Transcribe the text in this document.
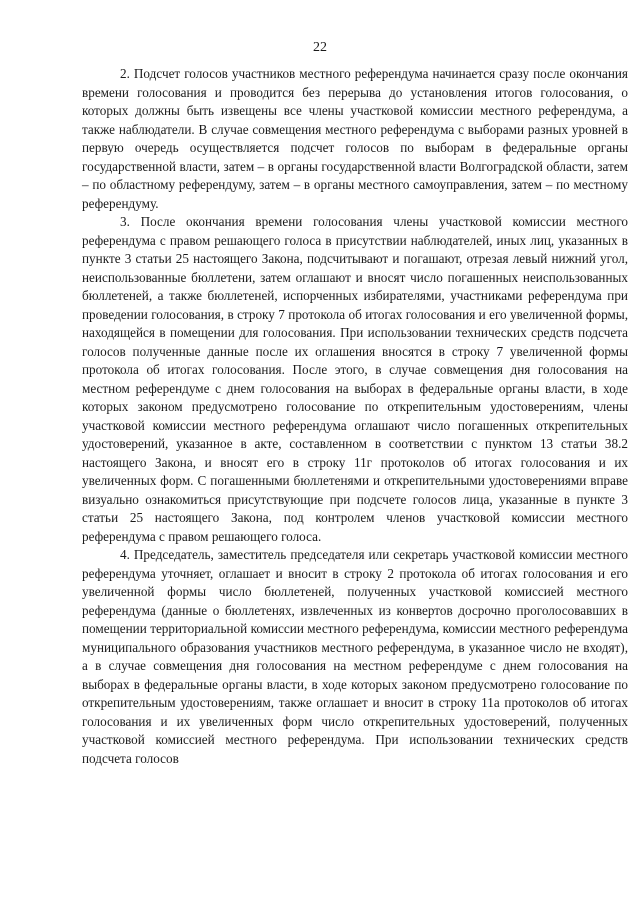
22

2. Подсчет голосов участников местного референдума начинается сразу после окончания времени голосования и проводится без перерыва до установления итогов голосования, о которых должны быть извещены все члены участковой комиссии местного референдума, а также наблюдатели. В случае совмещения местного референдума с выборами разных уровней в первую очередь осуществляется подсчет голосов по выборам в федеральные органы государственной власти, затем – в органы государственной власти Волгоградской области, затем – по областному референдуму, затем – в органы местного самоуправления, затем – по местному референдуму.

3. После окончания времени голосования члены участковой комиссии местного референдума с правом решающего голоса в присутствии наблюдателей, иных лиц, указанных в пункте 3 статьи 25 настоящего Закона, подсчитывают и погашают, отрезая левый нижний угол, неиспользованные бюллетени, затем оглашают и вносят число погашенных неиспользованных бюллетеней, а также бюллетеней, испорченных избирателями, участниками референдума при проведении голосования, в строку 7 протокола об итогах голосования и его увеличенной формы, находящейся в помещении для голосования. При использовании технических средств подсчета голосов полученные данные после их оглашения вносятся в строку 7 увеличенной формы протокола об итогах голосования. После этого, в случае совмещения дня голосования на местном референдуме с днем голосования на выборах в федеральные органы власти, в ходе которых законом предусмотрено голосование по открепительным удостоверениям, члены участковой комиссии местного референдума оглашают число погашенных открепительных удостоверений, указанное в акте, составленном в соответствии с пунктом 13 статьи 38.2 настоящего Закона, и вносят его в строку 11г протоколов об итогах голосования и их увеличенных форм. С погашенными бюллетенями и открепительными удостоверениями вправе визуально ознакомиться присутствующие при подсчете голосов лица, указанные в пункте 3 статьи 25 настоящего Закона, под контролем членов участковой комиссии местного референдума с правом решающего голоса.

4. Председатель, заместитель председателя или секретарь участковой комиссии местного референдума уточняет, оглашает и вносит в строку 2 протокола об итогах голосования и его увеличенной формы число бюллетеней, полученных участковой комиссией местного референдума (данные о бюллетенях, извлеченных из конвертов досрочно проголосовавших в помещении территориальной комиссии местного референдума, комиссии местного референдума муниципального образования участников местного референдума, в указанное число не входят), а в случае совмещения дня голосования на местном референдуме с днем голосования на выборах в федеральные органы власти, в ходе которых законом предусмотрено голосование по открепительным удостоверениям, также оглашает и вносит в строку 11а протоколов об итогах голосования и их увеличенных форм число открепительных удостоверений, полученных участковой комиссией местного референдума. При использовании технических средств подсчета голосов
